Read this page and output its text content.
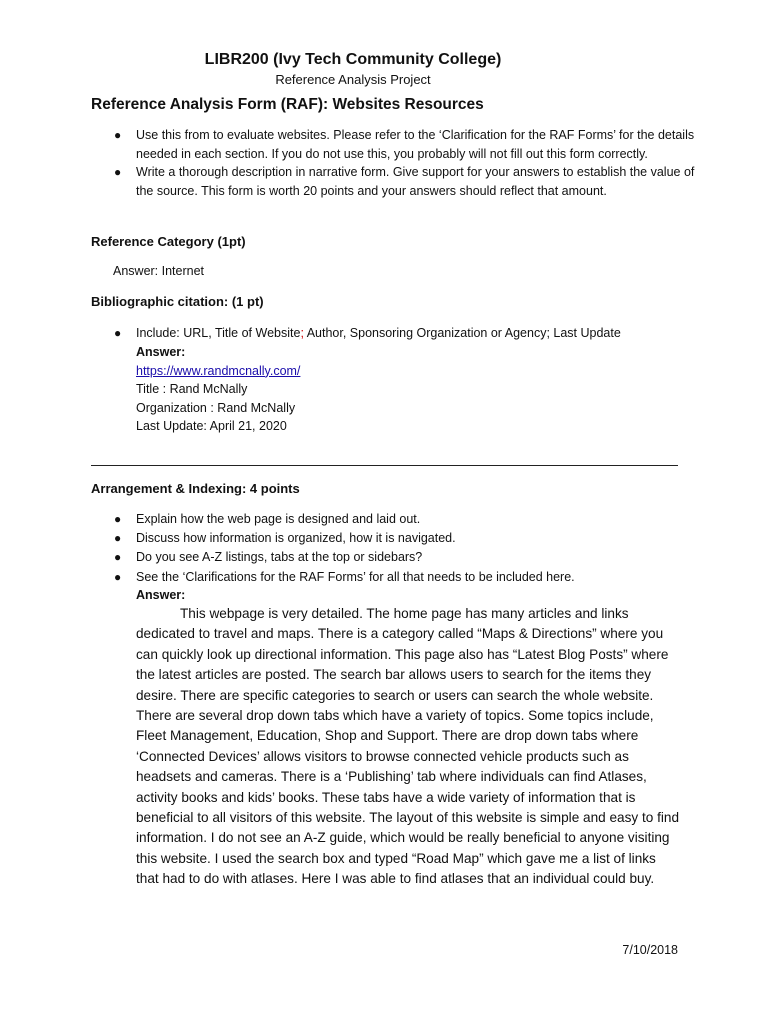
LIBR200 (Ivy Tech Community College)
Reference Analysis Project
Reference Analysis Form (RAF): Websites Resources
● Use this from to evaluate websites. Please refer to the ‘Clarification for the RAF Forms’ for the details needed in each section. If you do not use this, you probably will not fill out this form correctly.
● Write a thorough description in narrative form. Give support for your answers to establish the value of the source. This form is worth 20 points and your answers should reflect that amount.
Reference Category (1pt)
Answer: Internet
Bibliographic citation: (1 pt)
● Include: URL, Title of Website; Author, Sponsoring Organization or Agency; Last Update
Answer:
https://www.randmcnally.com/
Title : Rand McNally
Organization : Rand McNally
Last Update: April 21, 2020
Arrangement & Indexing: 4 points
● Explain how the web page is designed and laid out.
● Discuss how information is organized, how it is navigated.
● Do you see A-Z listings, tabs at the top or sidebars?
● See the ‘Clarifications for the RAF Forms’ for all that needs to be included here.
Answer:
This webpage is very detailed. The home page has many articles and links dedicated to travel and maps. There is a category called “Maps & Directions” where you can quickly look up directional information. This page also has “Latest Blog Posts” where the latest articles are posted. The search bar allows users to search for the items they desire. There are specific categories to search or users can search the whole website. There are several drop down tabs which have a variety of topics. Some topics include, Fleet Management, Education, Shop and Support. There are drop down tabs where ‘Connected Devices’ allows visitors to browse connected vehicle products such as headsets and cameras. There is a ‘Publishing’ tab where individuals can find Atlases, activity books and kids’ books. These tabs have a wide variety of information that is beneficial to all visitors of this website. The layout of this website is simple and easy to find information. I do not see an A-Z guide, which would be really beneficial to anyone visiting this website. I used the search box and typed “Road Map” which gave me a list of links that had to do with atlases. Here I was able to find atlases that an individual could buy.
7/10/2018
